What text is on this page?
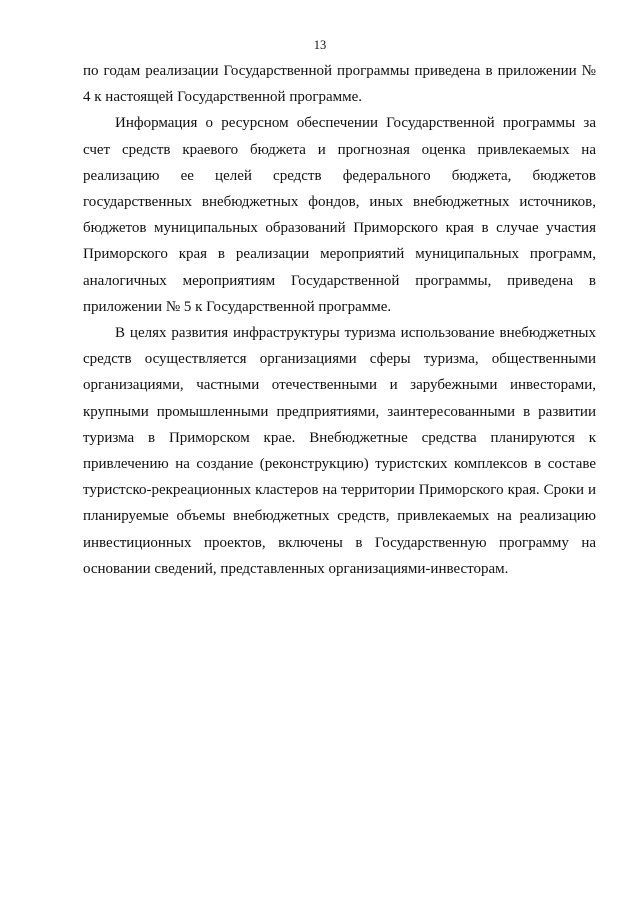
13

по годам реализации Государственной программы приведена в приложении № 4 к настоящей Государственной программе.

Информация о ресурсном обеспечении Государственной программы за счет средств краевого бюджета и прогнозная оценка привлекаемых на реализацию ее целей средств федерального бюджета, бюджетов государственных внебюджетных фондов, иных внебюджетных источников, бюджетов муниципальных образований Приморского края в случае участия Приморского края в реализации мероприятий муниципальных программ, аналогичных мероприятиям Государственной программы, приведена в приложении № 5 к Государственной программе.

В целях развития инфраструктуры туризма использование внебюджетных средств осуществляется организациями сферы туризма, общественными организациями, частными отечественными и зарубежными инвесторами, крупными промышленными предприятиями, заинтересованными в развитии туризма в Приморском крае. Внебюджетные средства планируются к привлечению на создание (реконструкцию) туристских комплексов в составе туристско-рекреационных кластеров на территории Приморского края. Сроки и планируемые объемы внебюджетных средств, привлекаемых на реализацию инвестиционных проектов, включены в Государственную программу на основании сведений, представленных организациями-инвесторам.
